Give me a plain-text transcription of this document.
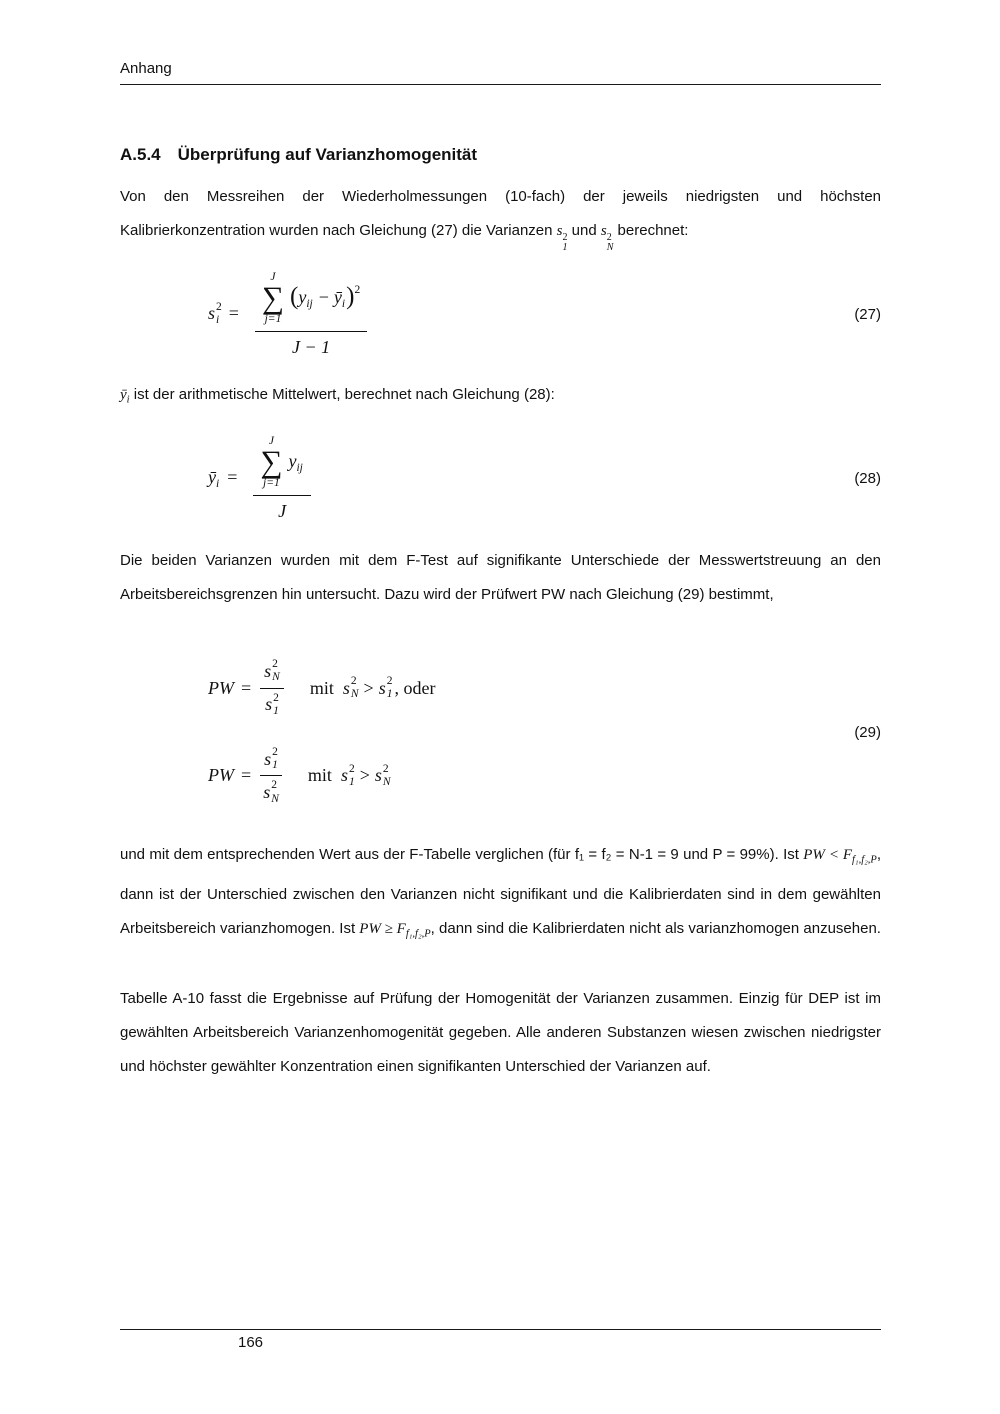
Anhang
A.5.4 Überprüfung auf Varianzhomogenität

Von den Messreihen der Wiederholmessungen (10-fach) der jeweils niedrigsten und höchsten Kalibrierkonzentration wurden nach Gleichung (27) die Varianzen s 2
1
und s 2
N
berechnet:

s 2
i =
J
∑
j=1
( y ij − ȳ i ) 2
J − 1
(27)

$ȳ_i$ ist der arithmetische Mittelwert, berechnet nach Gleichung (28):

ȳ i =
J
∑
j=1
y ij
J
(28)

Die beiden Varianzen wurden mit dem F-Test auf signifikante Unterschiede der Messwertstreuung an den Arbeitsbereichsgrenzen hin untersucht. Dazu wird der Prüfwert PW nach Gleichung (29) bestimmt,

PW = s 2
N
s 2
1 mit s 2
N > s 2
1 , oder
PW = s 2
1
s 2
N mit s 2
1 > s 2
N
(29)

und mit dem entsprechenden Wert aus der F-Tabelle verglichen (für f₁ = f₂ = N-1 = 9 und P = 99%). Ist PW < $F_{f_1,f_2,P}$, dann ist der Unterschied zwischen den Varianzen nicht signifikant und die Kalibrierdaten sind in dem gewählten Arbeitsbereich varianzhomogen. Ist PW ≥ $F_{f_1,f_2,P}$, dann sind die Kalibrierdaten nicht als varianzhomogen anzusehen.

Tabelle A-10 fasst die Ergebnisse auf Prüfung der Homogenität der Varianzen zusammen. Einzig für DEP ist im gewählten Arbeitsbereich Varianzenhomogenität gegeben. Alle anderen Substanzen wiesen zwischen niedrigster und höchster gewählter Konzentration einen signifikanten Unterschied der Varianzen auf.

166
